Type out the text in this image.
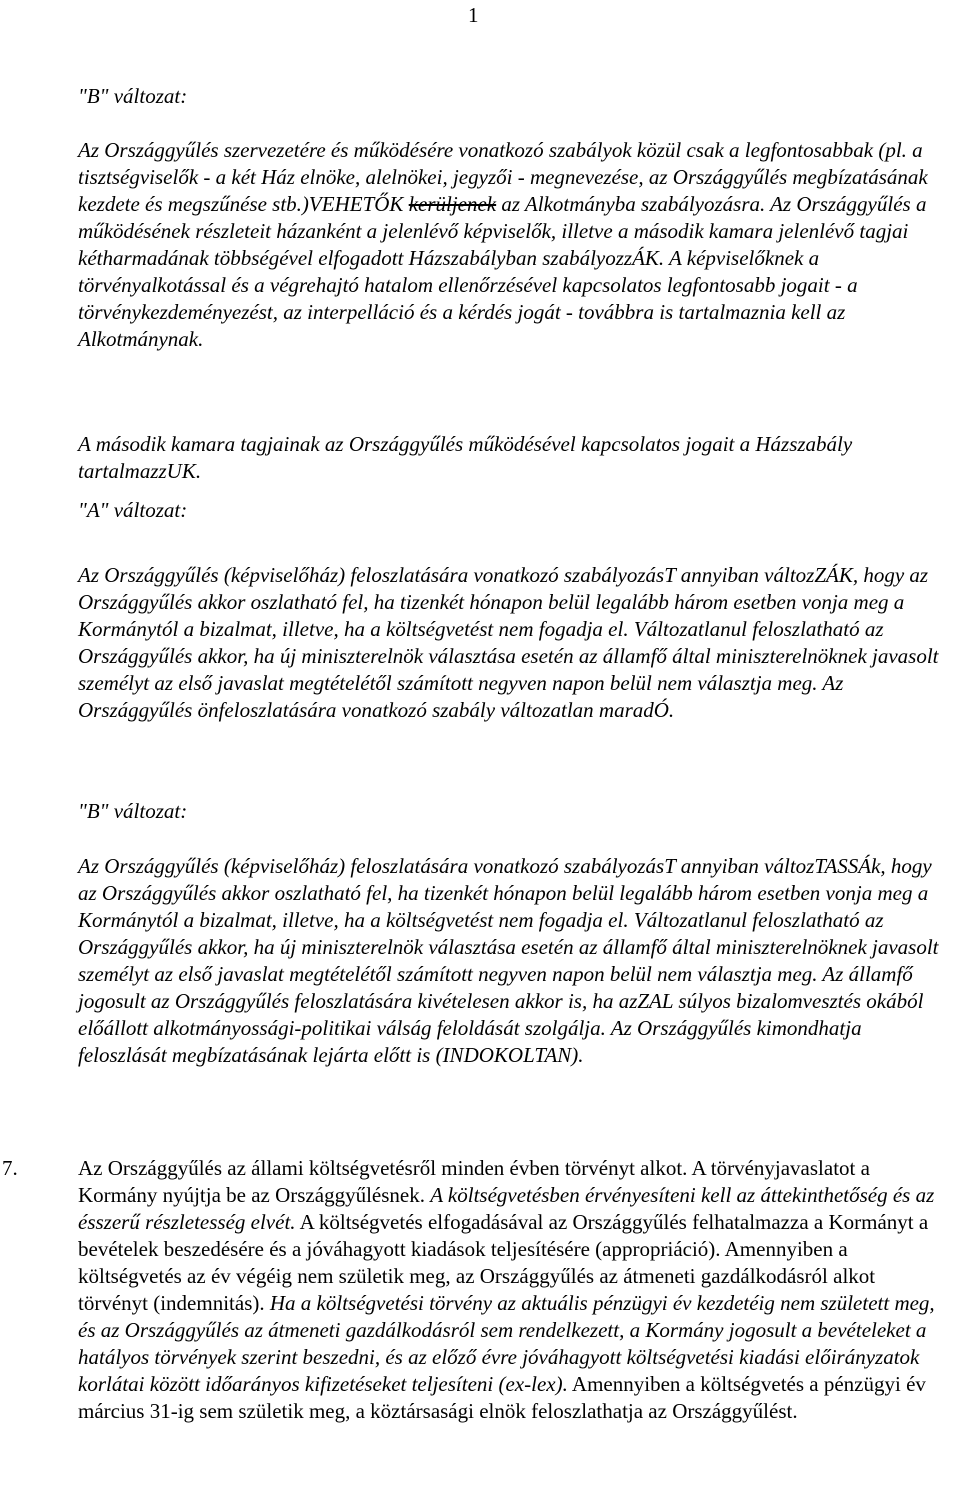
1

"B" változat:

Az Országgyűlés szervezetére és működésére vonatkozó szabályok közül csak a legfontosabbak (pl. a tisztségviselők - a két Ház elnöke, alelnökei, jegyzői - megnevezése, az Országgyűlés megbízatásának kezdete és megszűnése stb.)VEHETŐK kerüljenek az Alkotmányba szabályozásra. Az Országgyűlés a működésének részleteit házanként a jelenlévő képviselők, illetve a második kamara jelenlévő tagjai kétharmadának többségével elfogadott Házszabályban szabályozzÁK. A képviselőknek a törvényalkotással és a végrehajtó hatalom ellenőrzésével kapcsolatos legfontosabb jogait - a törvénykezdeményezést, az interpelláció és a kérdés jogát - továbbra is tartalmaznia kell az Alkotmánynak.

A második kamara tagjainak az Országgyűlés működésével kapcsolatos jogait a Házszabály tartalmazzUK.

"A" változat:

Az Országgyűlés (képviselőház) feloszlatására vonatkozó szabályozásT annyiban változZÁK, hogy az Országgyűlés akkor oszlatható fel, ha tizenkét hónapon belül legalább három esetben vonja meg a Kormánytól a bizalmat, illetve, ha a költségvetést nem fogadja el. Változatlanul feloszlatható az Országgyűlés akkor, ha új miniszterelnök választása esetén az államfő által miniszterelnöknek javasolt személyt az első javaslat megtételétől számított negyven napon belül nem választja meg. Az Országgyűlés önfeloszlatására vonatkozó szabály változatlan maradÓ.

"B" változat:

Az Országgyűlés (képviselőház) feloszlatására vonatkozó szabályozásT annyiban változTASSÁk, hogy az Országgyűlés akkor oszlatható fel, ha tizenkét hónapon belül legalább három esetben vonja meg a Kormánytól a bizalmat, illetve, ha a költségvetést nem fogadja el. Változatlanul feloszlatható az Országgyűlés akkor, ha új miniszterelnök választása esetén az államfő által miniszterelnöknek javasolt személyt az első javaslat megtételétől számított negyven napon belül nem választja meg. Az államfő jogosult az Országgyűlés feloszlatására kivételesen akkor is, ha azZAL súlyos bizalomvesztés okából előállott alkotmányossági-politikai válság feloldását szolgálja. Az Országgyűlés kimondhatja feloszlását megbízatásának lejárta előtt is (INDOKOLTAN).

7.	Az Országgyűlés az állami költségvetésről minden évben törvényt alkot. A törvényjavaslatot a Kormány nyújtja be az Országgyűlésnek. A költségvetésben érvényesíteni kell az áttekinthetőség és az ésszerű részletesség elvét. A költségvetés elfogadásával az Országgyűlés felhatalmazza a Kormányt a bevételek beszedésére és a jóváhagyott kiadások teljesítésére (appropriáció). Amennyiben a költségvetés az év végéig nem születik meg, az Országgyűlés az átmeneti gazdálkodásról alkot törvényt (indemnitás). Ha a költségvetési törvény az aktuális pénzügyi év kezdetéig nem született meg, és az Országgyűlés az átmeneti gazdálkodásról sem rendelkezett, a Kormány jogosult a bevételeket a hatályos törvények szerint beszedni, és az előző évre jóváhagyott költségvetési kiadási előirányzatok korlátai között időarányos kifizetéseket teljesíteni (ex-lex). Amennyiben a költségvetés a pénzügyi év március 31-ig sem születik meg, a köztársasági elnök feloszlathatja az Országgyűlést.
